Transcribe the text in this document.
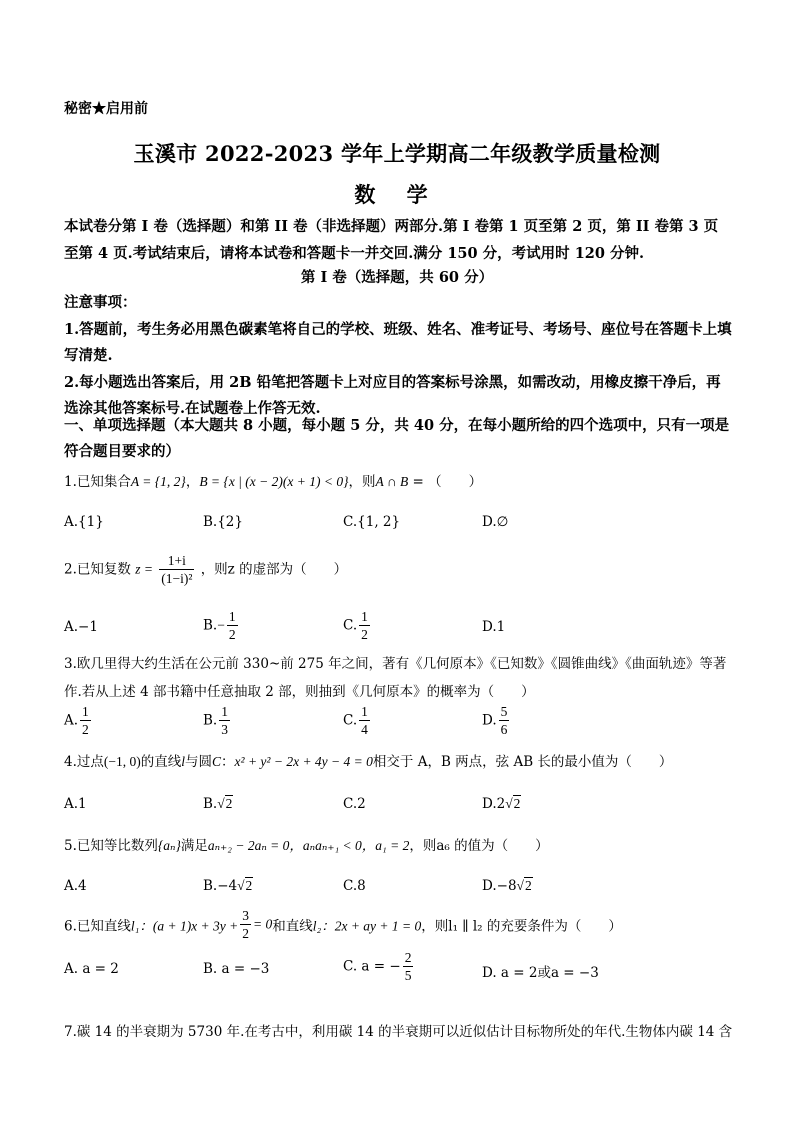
秘密★启用前
玉溪市 2022-2023 学年上学期高二年级教学质量检测
数 学
本试卷分第 I 卷（选择题）和第 II 卷（非选择题）两部分.第 I 卷第 1 页至第 2 页，第 II 卷第 3 页至第 4 页.考试结束后，请将本试卷和答题卡一并交回.满分 150 分，考试用时 120 分钟.
第 I 卷（选择题，共 60 分）
注意事项：
1.答题前，考生务必用黑色碳素笔将自己的学校、班级、姓名、准考证号、考场号、座位号在答题卡上填写清楚.
2.每小题选出答案后，用 2B 铅笔把答题卡上对应目的答案标号涂黑，如需改动，用橡皮擦干净后，再选涂其他答案标号.在试题卷上作答无效.
一、单项选择题（本大题共 8 小题，每小题 5 分，共 40 分，在每小题所给的四个选项中，只有一项是符合题目要求的）
1.已知集合A = {1, 2}，B = {x | (x − 2)(x + 1) < 0}，则A ∩ B = （　　）
A.{1}	B.{2}	C.{1, 2}	D.∅
2.已知复数 $z = \frac{1+i}{\text{(1−i)²}}$ ，则z 的虚部为（　　）
A.−1	$B.- \frac{1}{2}$	C. $\frac{1}{2}$	D.1
3.欧几里得大约生活在公元前 330~前 275 年之间，著有《几何原本》《已知数》《圆锥曲线》《曲面轨迹》等著作.若从上述 4 部书籍中任意抽取 2 部，则抽到《几何原本》的概率为（　　）
A. $\frac{1}{2}$	B. $\frac{1}{3}$	C. $\frac{1}{4}$	D. $\frac{5}{6}$
4.过点(−1, 0)的直线l与圆C：x² + y² − 2x + 4y − 4 = 0相交于 A，B 两点，弦 AB 长的最小值为（　　）
A.1	B.√2	C.2	D.2√2
5.已知等比数列{aₙ}满足aₙ₊₂ − 2aₙ = 0，aₙaₙ₊₁ < 0，a₁ = 2，则a₆ 的值为（　　）
A.4	B.−4√2	C.8	D.−8√2
6.已知直线l₁：$(a + 1)x + 3y + \frac{3}{2} = 0$和直线l₂：2x + ay + 1 = 0，则l₁ ∥ l₂ 的充要条件为（　　）
A. a = 2	B. a = −3	C. a = − $\frac{2}{5}$	D. a = 2或a = −3
7.碳 14 的半衰期为 5730 年.在考古中，利用碳 14 的半衰期可以近似估计目标物所处的年代.生物体内碳 14 含
